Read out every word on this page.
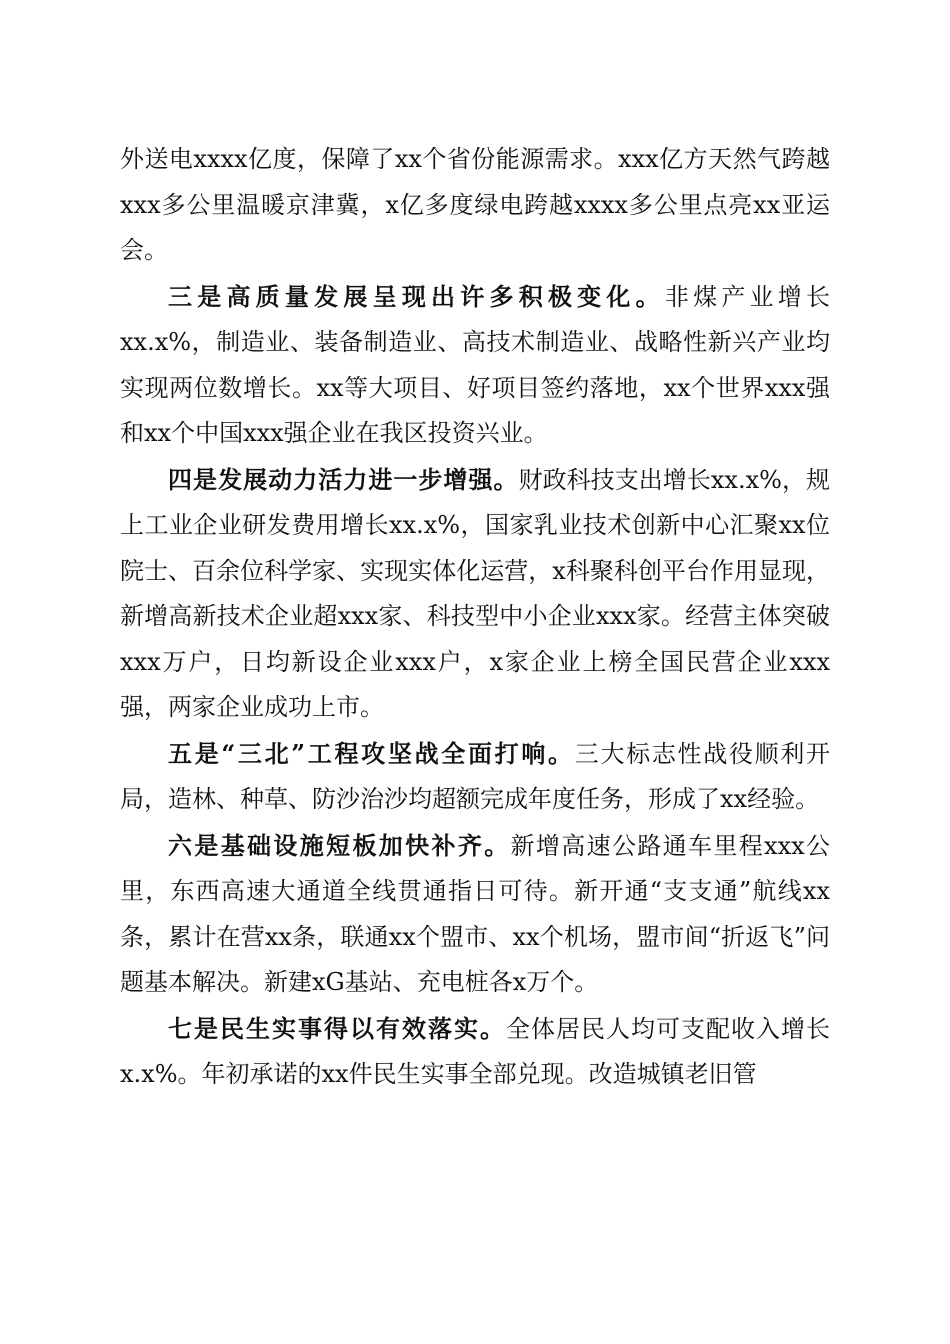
外送电xxxx亿度，保障了xx个省份能源需求。xxx亿方天然气跨越xxx多公里温暖京津冀，x亿多度绿电跨越xxxx多公里点亮xx亚运会。

三是高质量发展呈现出许多积极变化。非煤产业增长xx.x%，制造业、装备制造业、高技术制造业、战略性新兴产业均实现两位数增长。xx等大项目、好项目签约落地，xx个世界xxx强和xx个中国xxx强企业在我区投资兴业。

四是发展动力活力进一步增强。财政科技支出增长xx.x%，规上工业企业研发费用增长xx.x%，国家乳业技术创新中心汇聚xx位院士、百余位科学家、实现实体化运营，x科聚科创平台作用显现，新增高新技术企业超xxx家、科技型中小企业xxx家。经营主体突破xxx万户，日均新设企业xxx户，x家企业上榜全国民营企业xxx强，两家企业成功上市。

五是“三北”工程攻坚战全面打响。三大标志性战役顺利开局，造林、种草、防沙治沙均超额完成年度任务，形成了xx经验。

六是基础设施短板加快补齐。新增高速公路通车里程xxx公里，东西高速大通道全线贯通指日可待。新开通“支支通”航线xx条，累计在营xx条，联通xx个盟市、xx个机场，盟市间“折返飞”问题基本解决。新建xG基站、充电桩各x万个。

七是民生实事得以有效落实。全体居民人均可支配收入增长x.x%。年初承诺的xx件民生实事全部兑现。改造城镇老旧管
